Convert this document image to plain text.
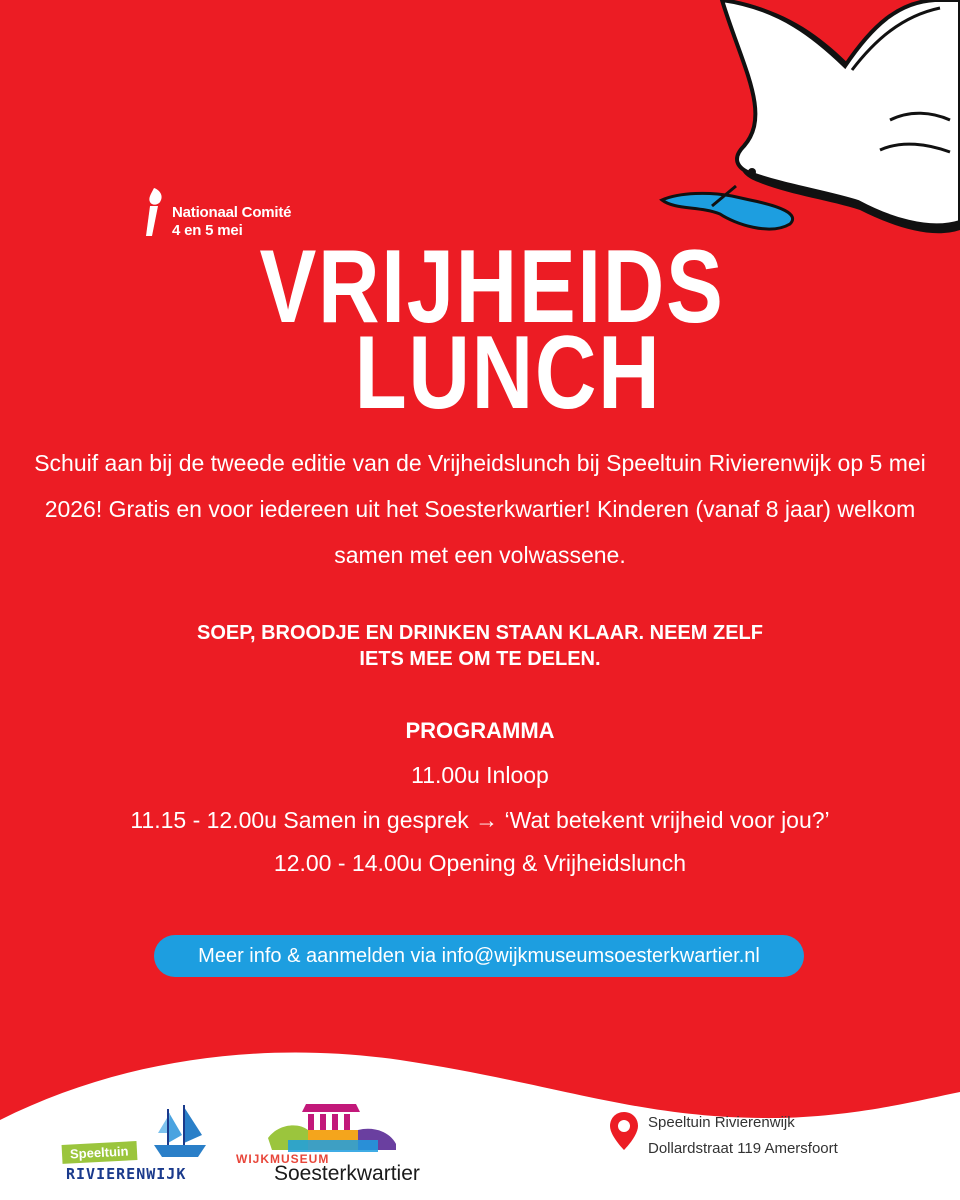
Nationaal Comité
4 en 5 mei VRIJHEIDS
LUNCH
Schuif aan bij de tweede editie van de Vrijheidslunch bij Speeltuin Rivierenwijk op 5 mei 2026! Gratis en voor iedereen uit het Soesterkwartier! Kinderen (vanaf 8 jaar) welkom samen met een volwassene.
SOEP, BROODJE EN DRINKEN STAAN KLAAR. NEEM ZELF
IETS MEE OM TE DELEN.
PROGRAMMA
11.00u Inloop
11.15 - 12.00u Samen in gesprek → ‘Wat betekent vrijheid voor jou?’
12.00 - 14.00u Opening & Vrijheidslunch
Meer info & aanmelden via info@wijkmuseumsoesterkwartier.nl
Speeltuin
RIVIERENWIJK
WIJKMUSEUM
Soesterkwartier
Speeltuin Rivierenwijk
Dollardstraat 119 Amersfoort
